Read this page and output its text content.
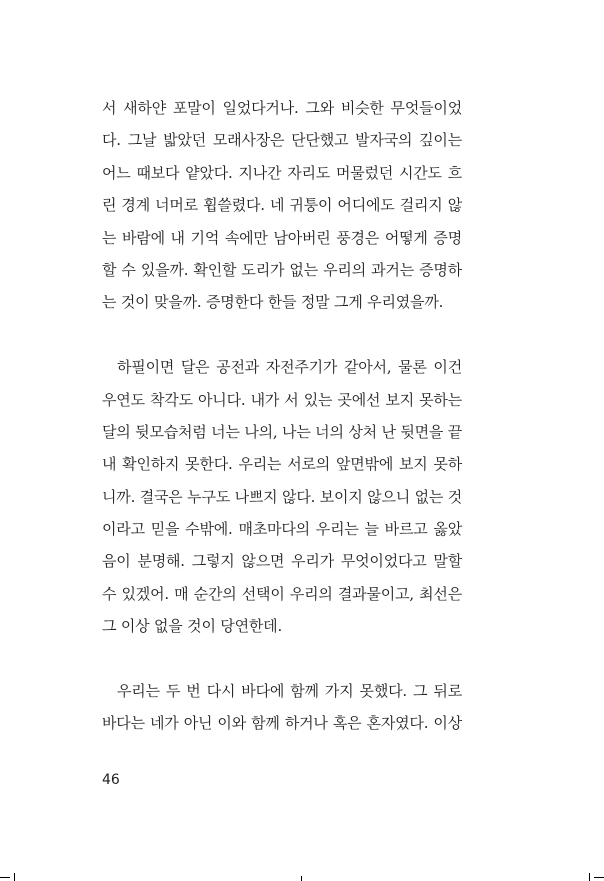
서 새하얀 포말이 일었다거나. 그와 비슷한 무엇들이었
다. 그날 밟았던 모래사장은 단단했고 발자국의 깊이는
어느 때보다 얕았다. 지나간 자리도 머물렀던 시간도 흐
린 경계 너머로 휩쓸렸다. 네 귀퉁이 어디에도 걸리지 않
는 바람에 내 기억 속에만 남아버린 풍경은 어떻게 증명
할 수 있을까. 확인할 도리가 없는 우리의 과거는 증명하
는 것이 맞을까. 증명한다 한들 정말 그게 우리였을까.
하필이면 달은 공전과 자전주기가 같아서, 물론 이건
우연도 착각도 아니다. 내가 서 있는 곳에선 보지 못하는
달의 뒷모습처럼 너는 나의, 나는 너의 상처 난 뒷면을 끝
내 확인하지 못한다. 우리는 서로의 앞면밖에 보지 못하
니까. 결국은 누구도 나쁘지 않다. 보이지 않으니 없는 것
이라고 믿을 수밖에. 매초마다의 우리는 늘 바르고 옳았
음이 분명해. 그렇지 않으면 우리가 무엇이었다고 말할
수 있겠어. 매 순간의 선택이 우리의 결과물이고, 최선은
그 이상 없을 것이 당연한데.
우리는 두 번 다시 바다에 함께 가지 못했다. 그 뒤로
바다는 네가 아닌 이와 함께 하거나 혹은 혼자였다. 이상
46
